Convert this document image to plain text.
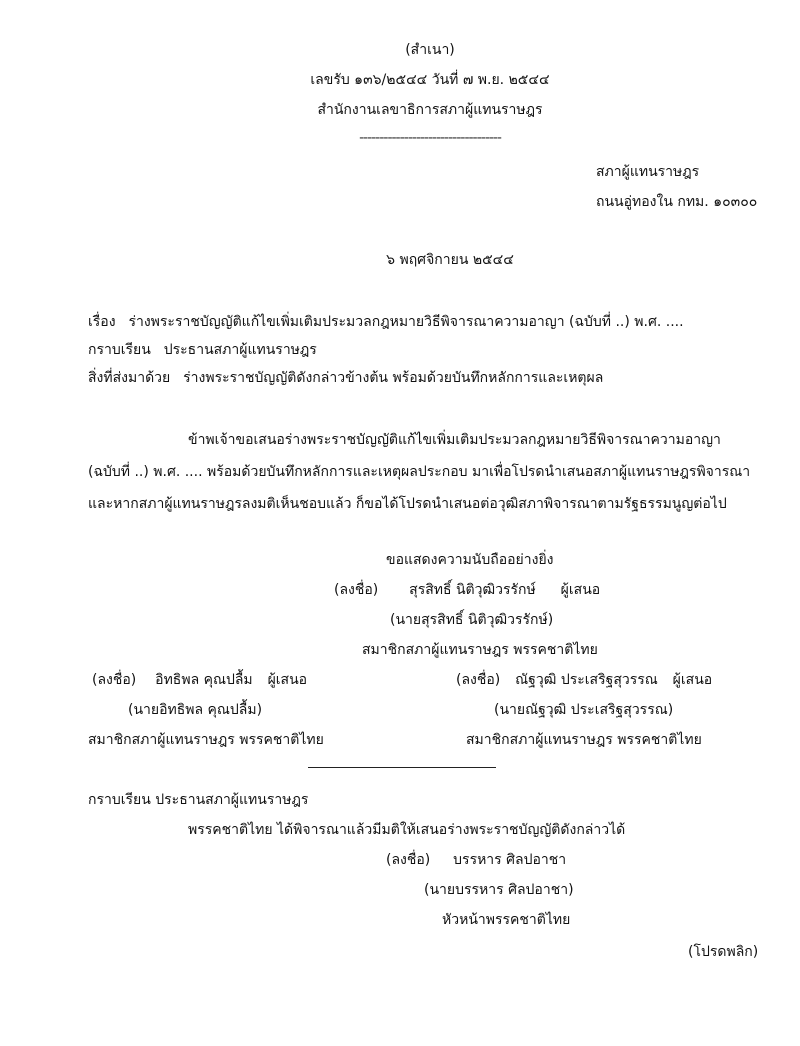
(สำเนา)
เลขรับ ๑๓๖/๒๕๔๔ วันที่ ๗ พ.ย. ๒๕๔๔
สำนักงานเลขาธิการสภาผู้แทนราษฎร
-----------------------------------
สภาผู้แทนราษฎร
ถนนอู่ทองใน กทม. ๑๐๓๐๐
๖ พฤศจิกายน ๒๕๔๔
เรื่อง ร่างพระราชบัญญัติแก้ไขเพิ่มเติมประมวลกฎหมายวิธีพิจารณาความอาญา (ฉบับที่ ..) พ.ศ. ....
กราบเรียน ประธานสภาผู้แทนราษฎร
สิ่งที่ส่งมาด้วย ร่างพระราชบัญญัติดังกล่าวข้างต้น พร้อมด้วยบันทึกหลักการและเหตุผล
ข้าพเจ้าขอเสนอร่างพระราชบัญญัติแก้ไขเพิ่มเติมประมวลกฎหมายวิธีพิจารณาความอาญา
(ฉบับที่ ..) พ.ศ. .... พร้อมด้วยบันทึกหลักการและเหตุผลประกอบ มาเพื่อโปรดนำเสนอสภาผู้แทนราษฎรพิจารณา
และหากสภาผู้แทนราษฎรลงมติเห็นชอบแล้ว ก็ขอได้โปรดนำเสนอต่อวุฒิสภาพิจารณาตามรัฐธรรมนูญต่อไป
ขอแสดงความนับถืออย่างยิ่ง
(ลงชื่อ) สุรสิทธิ์ นิติวุฒิวรรักษ์ ผู้เสนอ
(นายสุรสิทธิ์ นิติวุฒิวรรักษ์)
สมาชิกสภาผู้แทนราษฎร พรรคชาติไทย
(ลงชื่อ) อิทธิพล คุณปลื้ม ผู้เสนอ
(นายอิทธิพล คุณปลื้ม)
สมาชิกสภาผู้แทนราษฎร พรรคชาติไทย
(ลงชื่อ) ณัฐวุฒิ ประเสริฐสุวรรณ ผู้เสนอ
(นายณัฐวุฒิ ประเสริฐสุวรรณ)
สมาชิกสภาผู้แทนราษฎร พรรคชาติไทย
กราบเรียน ประธานสภาผู้แทนราษฎร
พรรคชาติไทย ได้พิจารณาแล้วมีมติให้เสนอร่างพระราชบัญญัติดังกล่าวได้
(ลงชื่อ) บรรหาร ศิลปอาชา
(นายบรรหาร ศิลปอาชา)
หัวหน้าพรรคชาติไทย
(โปรดพลิก)
